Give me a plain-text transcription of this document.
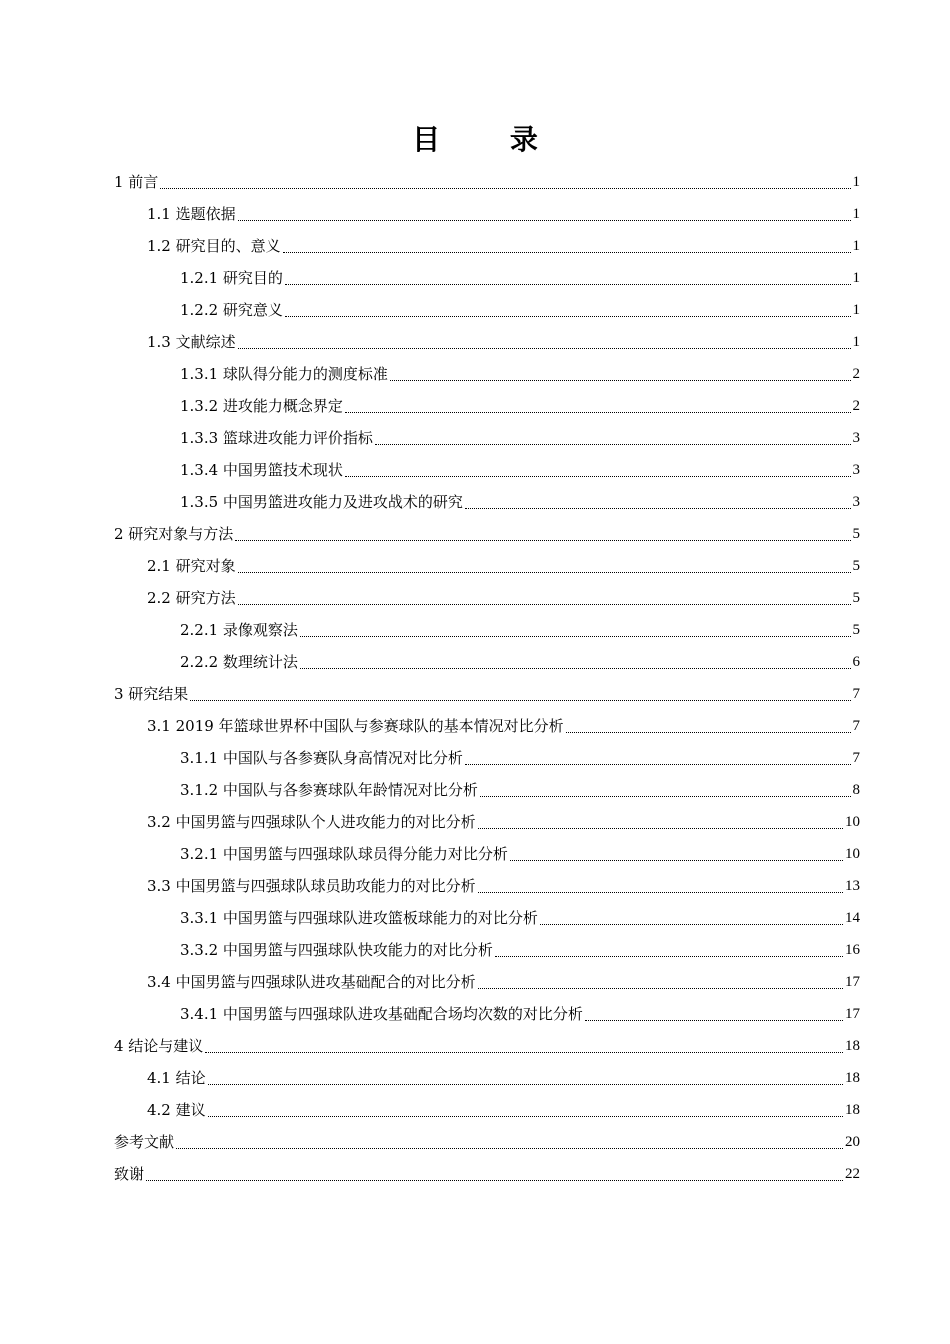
目 录
1 前言	1
1.1 选题依据	1
1.2 研究目的、意义	1
1.2.1 研究目的	1
1.2.2 研究意义	1
1.3 文献综述	1
1.3.1 球队得分能力的测度标准	2
1.3.2 进攻能力概念界定	2
1.3.3 篮球进攻能力评价指标	3
1.3.4 中国男篮技术现状	3
1.3.5 中国男篮进攻能力及进攻战术的研究	3
2 研究对象与方法	5
2.1 研究对象	5
2.2 研究方法	5
2.2.1 录像观察法	5
2.2.2 数理统计法	6
3 研究结果	7
3.1 2019 年篮球世界杯中国队与参赛球队的基本情况对比分析	7
3.1.1 中国队与各参赛队身高情况对比分析	7
3.1.2 中国队与各参赛球队年龄情况对比分析	8
3.2 中国男篮与四强球队个人进攻能力的对比分析	10
3.2.1 中国男篮与四强球队球员得分能力对比分析	10
3.3 中国男篮与四强球队球员助攻能力的对比分析	13
3.3.1 中国男篮与四强球队进攻篮板球能力的对比分析	14
3.3.2 中国男篮与四强球队快攻能力的对比分析	16
3.4 中国男篮与四强球队进攻基础配合的对比分析	17
3.4.1 中国男篮与四强球队进攻基础配合场均次数的对比分析	17
4 结论与建议	18
4.1 结论	18
4.2 建议	18
参考文献	20
致谢	22
